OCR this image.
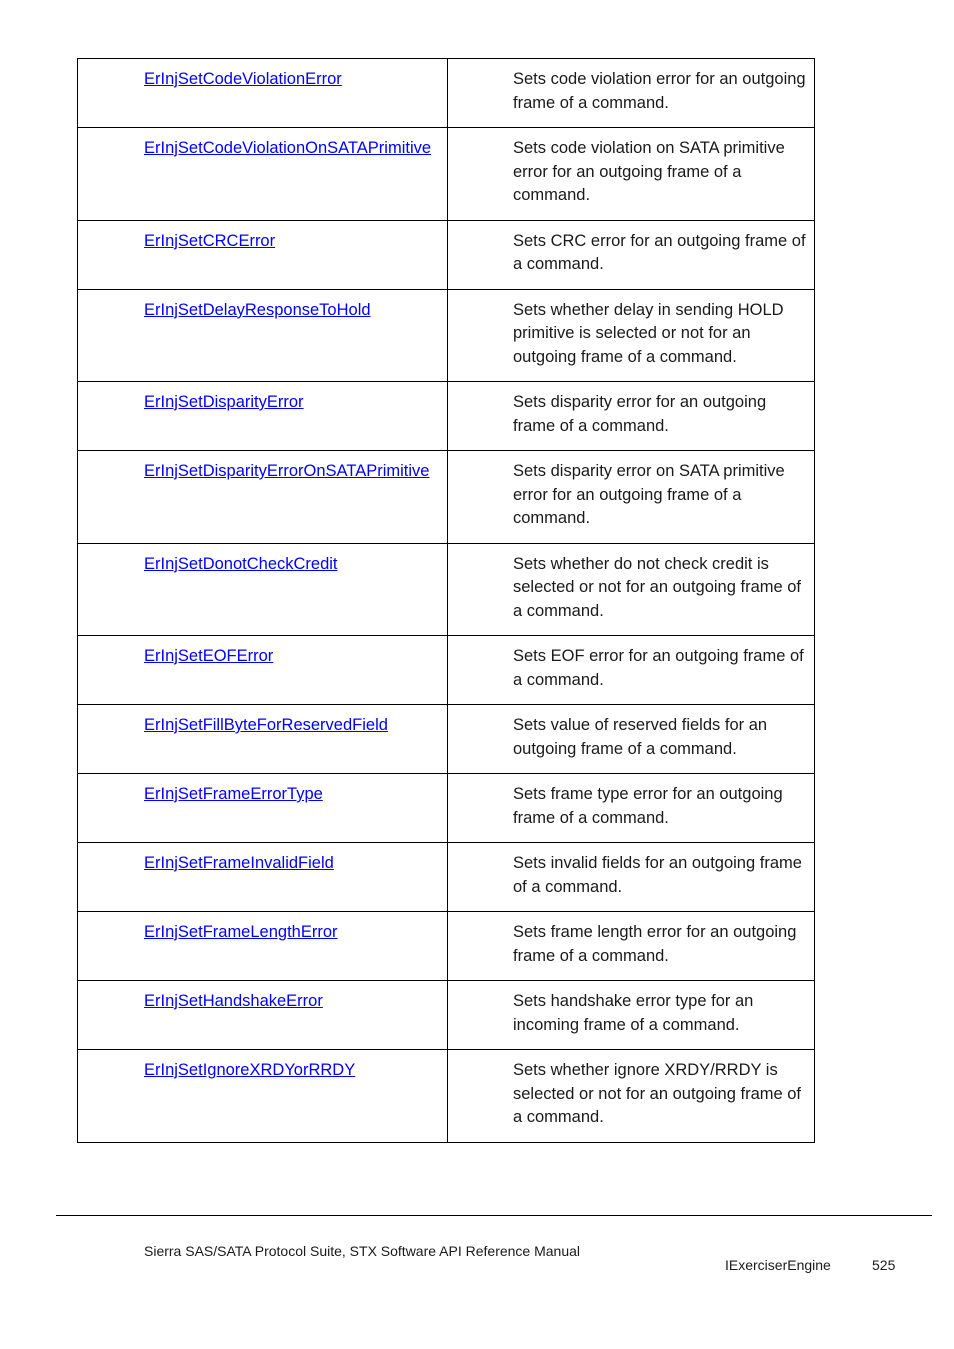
ErInjSetCodeViolationError	Sets code violation error for an outgoing frame of a command.
ErInjSetCodeViolationOnSATAPrimitive	Sets code violation on SATA primitive error for an outgoing frame of a command.
ErInjSetCRCError	Sets CRC error for an outgoing frame of a command.
ErInjSetDelayResponseToHold	Sets whether delay in sending HOLD primitive is selected or not for an outgoing frame of a command.
ErInjSetDisparityError	Sets disparity error for an outgoing frame of a command.
ErInjSetDisparityErrorOnSATAPrimitive	Sets disparity error on SATA primitive error for an outgoing frame of a command.
ErInjSetDonotCheckCredit	Sets whether do not check credit is selected or not for an outgoing frame of a command.
ErInjSetEOFError	Sets EOF error for an outgoing frame of a command.
ErInjSetFillByteForReservedField	Sets value of reserved fields for an outgoing frame of a command.
ErInjSetFrameErrorType	Sets frame type error for an outgoing frame of a command.
ErInjSetFrameInvalidField	Sets invalid fields for an outgoing frame of a command.
ErInjSetFrameLengthError	Sets frame length error for an outgoing frame of a command.
ErInjSetHandshakeError	Sets handshake error type for an incoming frame of a command.
ErInjSetIgnoreXRDYorRRDY	Sets whether ignore XRDY/RRDY is selected or not for an outgoing frame of a command.
Sierra SAS/SATA Protocol Suite, STX Software API Reference Manual
IExerciserEngine	525
